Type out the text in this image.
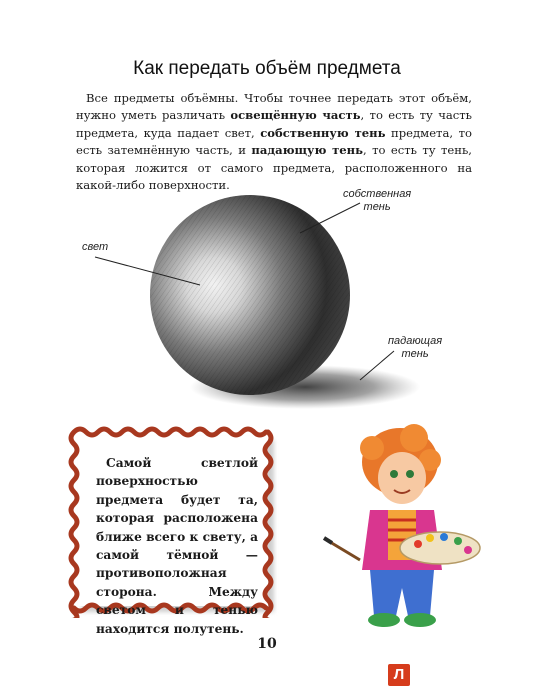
Как передать объём предмета
Все предметы объёмны. Чтобы точнее передать этот объём, нужно уметь различать освещённую часть, то есть ту часть предмета, куда падает свет, собственную тень предмета, то есть затемнённую часть, и падающую тень, то есть ту тень, которая ложится от самого предмета, расположенного на какой-либо поверхности.
свет
собственная
тень
падающая
тень
Самой светлой поверхностью предмета будет та, которая расположена ближе всего к свету, а самой тёмной — противоположная сторона. Между светом и тенью находится полутень.
10
Л
